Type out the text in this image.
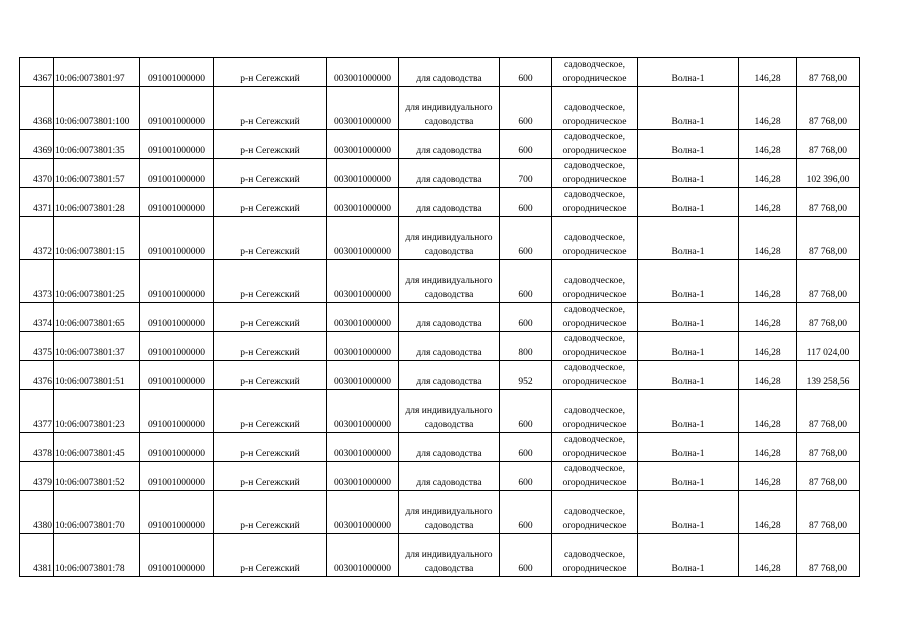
4367	10:06:0073801:97	091001000000	р-н Сегежский	003001000000	для садоводства	600	садоводческое, огородническое	Волна-1	146,28	87 768,00
4368	10:06:0073801:100	091001000000	р-н Сегежский	003001000000	для индивидуального садоводства	600	садоводческое, огородническое	Волна-1	146,28	87 768,00
4369	10:06:0073801:35	091001000000	р-н Сегежский	003001000000	для садоводства	600	садоводческое, огородническое	Волна-1	146,28	87 768,00
4370	10:06:0073801:57	091001000000	р-н Сегежский	003001000000	для садоводства	700	садоводческое, огородническое	Волна-1	146,28	102 396,00
4371	10:06:0073801:28	091001000000	р-н Сегежский	003001000000	для садоводства	600	садоводческое, огородническое	Волна-1	146,28	87 768,00
4372	10:06:0073801:15	091001000000	р-н Сегежский	003001000000	для индивидуального садоводства	600	садоводческое, огородническое	Волна-1	146,28	87 768,00
4373	10:06:0073801:25	091001000000	р-н Сегежский	003001000000	для индивидуального садоводства	600	садоводческое, огородническое	Волна-1	146,28	87 768,00
4374	10:06:0073801:65	091001000000	р-н Сегежский	003001000000	для садоводства	600	садоводческое, огородническое	Волна-1	146,28	87 768,00
4375	10:06:0073801:37	091001000000	р-н Сегежский	003001000000	для садоводства	800	садоводческое, огородническое	Волна-1	146,28	117 024,00
4376	10:06:0073801:51	091001000000	р-н Сегежский	003001000000	для садоводства	952	садоводческое, огородническое	Волна-1	146,28	139 258,56
4377	10:06:0073801:23	091001000000	р-н Сегежский	003001000000	для индивидуального садоводства	600	садоводческое, огородническое	Волна-1	146,28	87 768,00
4378	10:06:0073801:45	091001000000	р-н Сегежский	003001000000	для садоводства	600	садоводческое, огородническое	Волна-1	146,28	87 768,00
4379	10:06:0073801:52	091001000000	р-н Сегежский	003001000000	для садоводства	600	садоводческое, огородническое	Волна-1	146,28	87 768,00
4380	10:06:0073801:70	091001000000	р-н Сегежский	003001000000	для индивидуального садоводства	600	садоводческое, огородническое	Волна-1	146,28	87 768,00
4381	10:06:0073801:78	091001000000	р-н Сегежский	003001000000	для индивидуального садоводства	600	садоводческое, огородническое	Волна-1	146,28	87 768,00
